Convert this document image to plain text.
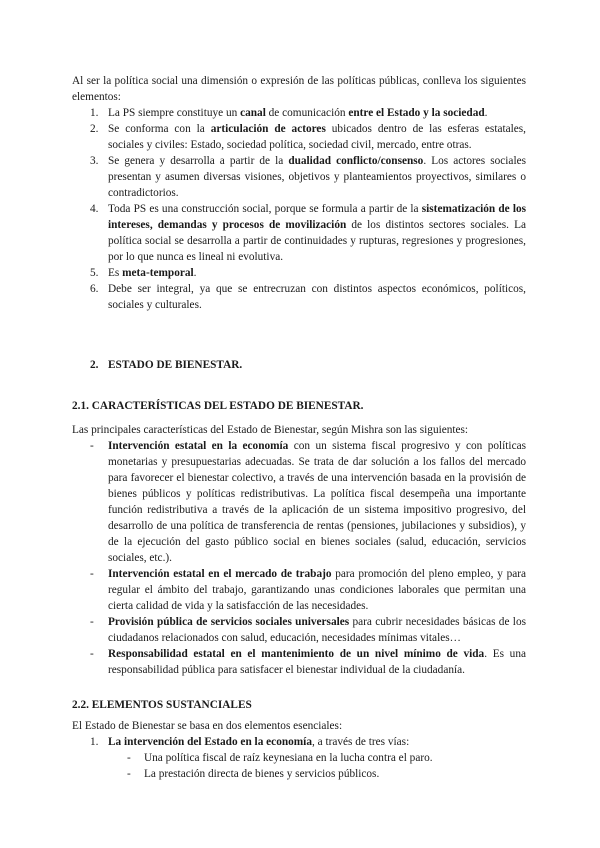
Al ser la política social una dimensión o expresión de las políticas públicas, conlleva los siguientes elementos:

1. La PS siempre constituye un canal de comunicación entre el Estado y la sociedad.
2. Se conforma con la articulación de actores ubicados dentro de las esferas estatales, sociales y civiles: Estado, sociedad política, sociedad civil, mercado, entre otras.
3. Se genera y desarrolla a partir de la dualidad conflicto/consenso. Los actores sociales presentan y asumen diversas visiones, objetivos y planteamientos proyectivos, similares o contradictorios.
4. Toda PS es una construcción social, porque se formula a partir de la sistematización de los intereses, demandas y procesos de movilización de los distintos sectores sociales. La política social se desarrolla a partir de continuidades y rupturas, regresiones y progresiones, por lo que nunca es lineal ni evolutiva.
5. Es meta-temporal.
6. Debe ser integral, ya que se entrecruzan con distintos aspectos económicos, políticos, sociales y culturales.
2. ESTADO DE BIENESTAR.
2.1. CARACTERÍSTICAS DEL ESTADO DE BIENESTAR.

Las principales características del Estado de Bienestar, según Mishra son las siguientes:

- Intervención estatal en la economía con un sistema fiscal progresivo y con políticas monetarias y presupuestarias adecuadas. Se trata de dar solución a los fallos del mercado para favorecer el bienestar colectivo, a través de una intervención basada en la provisión de bienes públicos y políticas redistributivas. La política fiscal desempeña una importante función redistributiva a través de la aplicación de un sistema impositivo progresivo, del desarrollo de una política de transferencia de rentas (pensiones, jubilaciones y subsidios), y de la ejecución del gasto público social en bienes sociales (salud, educación, servicios sociales, etc.).
- Intervención estatal en el mercado de trabajo para promoción del pleno empleo, y para regular el ámbito del trabajo, garantizando unas condiciones laborales que permitan una cierta calidad de vida y la satisfacción de las necesidades.
- Provisión pública de servicios sociales universales para cubrir necesidades básicas de los ciudadanos relacionados con salud, educación, necesidades mínimas vitales…
- Responsabilidad estatal en el mantenimiento de un nivel mínimo de vida. Es una responsabilidad pública para satisfacer el bienestar individual de la ciudadanía.
2.2. ELEMENTOS SUSTANCIALES

El Estado de Bienestar se basa en dos elementos esenciales:

1. La intervención del Estado en la economía, a través de tres vías:
- Una política fiscal de raíz keynesiana en la lucha contra el paro.
- La prestación directa de bienes y servicios públicos.
